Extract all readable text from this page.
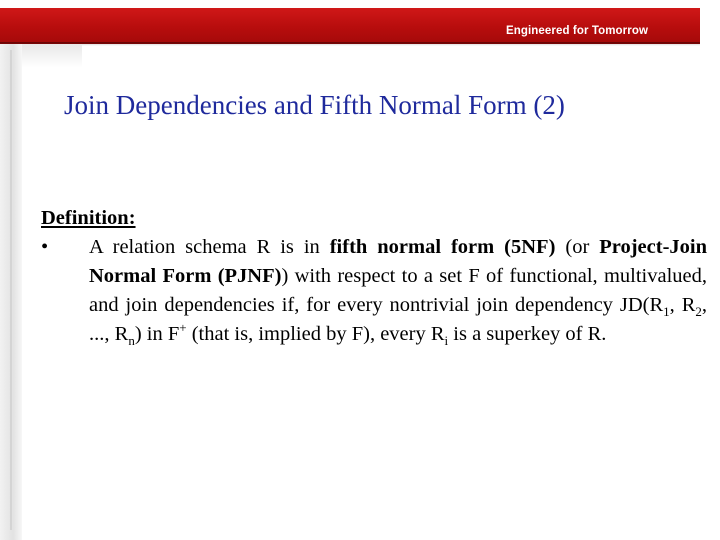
Engineered for Tomorrow
Join Dependencies and Fifth Normal Form (2)
Definition:
•	A relation schema R is in fifth normal form (5NF) (or Project-Join Normal Form (PJNF)) with respect to a set F of functional, multivalued, and join dependencies if, for every nontrivial join dependency $JD(R_1$, $R_2$, ..., $R_n$) in F+ (that is, implied by F), every $R_i$ is a superkey of R.
